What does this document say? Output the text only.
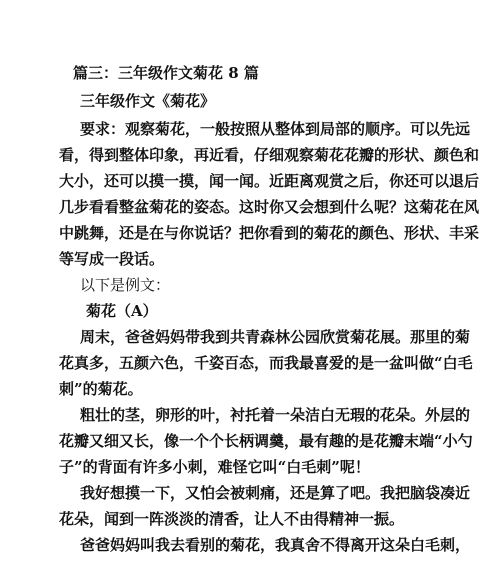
篇三：三年级作文菊花 8 篇
三年级作文《菊花》
要求：观察菊花，一般按照从整体到局部的顺序。可以先远
看，得到整体印象，再近看，仔细观察菊花花瓣的形状、颜色和
大小，还可以摸一摸，闻一闻。近距离观赏之后，你还可以退后
几步看看整盆菊花的姿态。这时你又会想到什么呢？这菊花在风
中跳舞，还是在与你说话？把你看到的菊花的颜色、形状、丰采
等写成一段话。
以下是例文：
菊花（A）
周末，爸爸妈妈带我到共青森林公园欣赏菊花展。那里的菊
花真多，五颜六色，千姿百态，而我最喜爱的是一盆叫做“白毛
刺”的菊花。
粗壮的茎，卵形的叶，衬托着一朵洁白无瑕的花朵。外层的
花瓣又细又长，像一个个长柄调羹，最有趣的是花瓣末端“小勺
子”的背面有许多小刺，难怪它叫“白毛刺”呢！
我好想摸一下，又怕会被刺痛，还是算了吧。我把脑袋凑近
花朵，闻到一阵淡淡的清香，让人不由得精神一振。
爸爸妈妈叫我去看别的菊花，我真舍不得离开这朵白毛刺，
